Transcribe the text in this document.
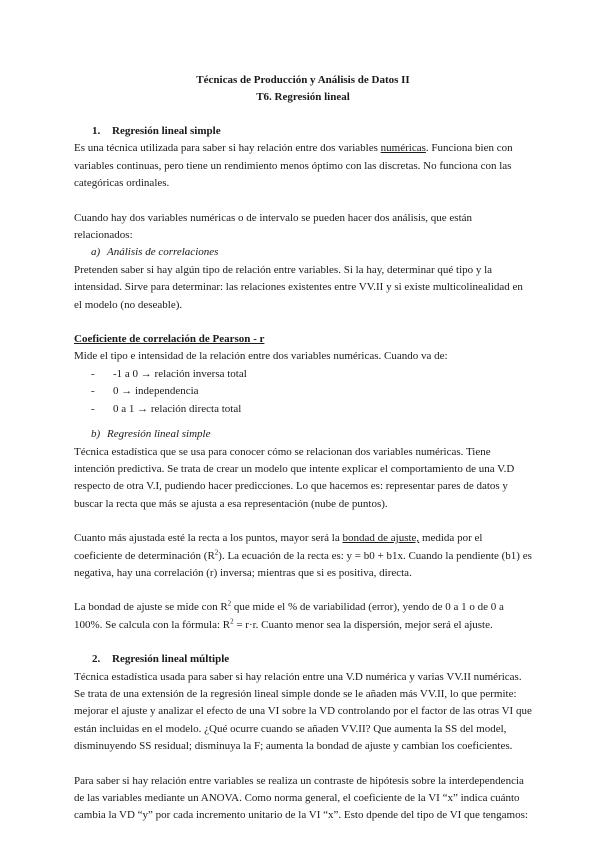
Técnicas de Producción y Análisis de Datos II

T6. Regresión lineal

1. Regresión lineal simple

Es una técnica utilizada para saber si hay relación entre dos variables numéricas. Funciona bien con variables continuas, pero tiene un rendimiento menos óptimo con las discretas. No funciona con las categóricas ordinales.

Cuando hay dos variables numéricas o de intervalo se pueden hacer dos análisis, que están relacionados:

a) Análisis de correlaciones

Pretenden saber si hay algún tipo de relación entre variables. Si la hay, determinar qué tipo y la intensidad. Sirve para determinar: las relaciones existentes entre VV.II y si existe multicolinealidad en el modelo (no deseable).

Coeficiente de correlación de Pearson - r

Mide el tipo e intensidad de la relación entre dos variables numéricas. Cuando va de:

- -1 a 0 → relación inversa total
- 0 → independencia
- 0 a 1 → relación directa total

b) Regresión lineal simple

Técnica estadística que se usa para conocer cómo se relacionan dos variables numéricas. Tiene intención predictiva. Se trata de crear un modelo que intente explicar el comportamiento de una V.D respecto de otra V.I, pudiendo hacer predicciones. Lo que hacemos es: representar pares de datos y buscar la recta que más se ajusta a esa representación (nube de puntos).

Cuanto más ajustada esté la recta a los puntos, mayor será la bondad de ajuste, medida por el coeficiente de determinación $(R^2)$. La ecuación de la recta es: y = b0 + b1x. Cuando la pendiente (b1) es negativa, hay una correlación (r) inversa; mientras que si es positiva, directa.

La bondad de ajuste se mide con $R^2$ que mide el % de variabilidad (error), yendo de 0 a 1 o de 0 a 100%. Se calcula con la fórmula: $R^2 = r\cdot r$. Cuanto menor sea la dispersión, mejor será el ajuste.

2. Regresión lineal múltiple

Técnica estadística usada para saber si hay relación entre una V.D numérica y varias VV.II numéricas. Se trata de una extensión de la regresión lineal simple donde se le añaden más VV.II, lo que permite: mejorar el ajuste y analizar el efecto de una VI sobre la VD controlando por el factor de las otras VI que están incluidas en el modelo. ¿Qué ocurre cuando se añaden VV.II? Que aumenta la SS del model, disminuyendo SS residual; disminuya la F; aumenta la bondad de ajuste y cambian los coeficientes.

Para saber si hay relación entre variables se realiza un contraste de hipótesis sobre la interdependencia de las variables mediante un ANOVA. Como norma general, el coeficiente de la VI “x” indica cuánto cambia la VD “y” por cada incremento unitario de la VI “x”. Esto dpende del tipo de VI que tengamos:
